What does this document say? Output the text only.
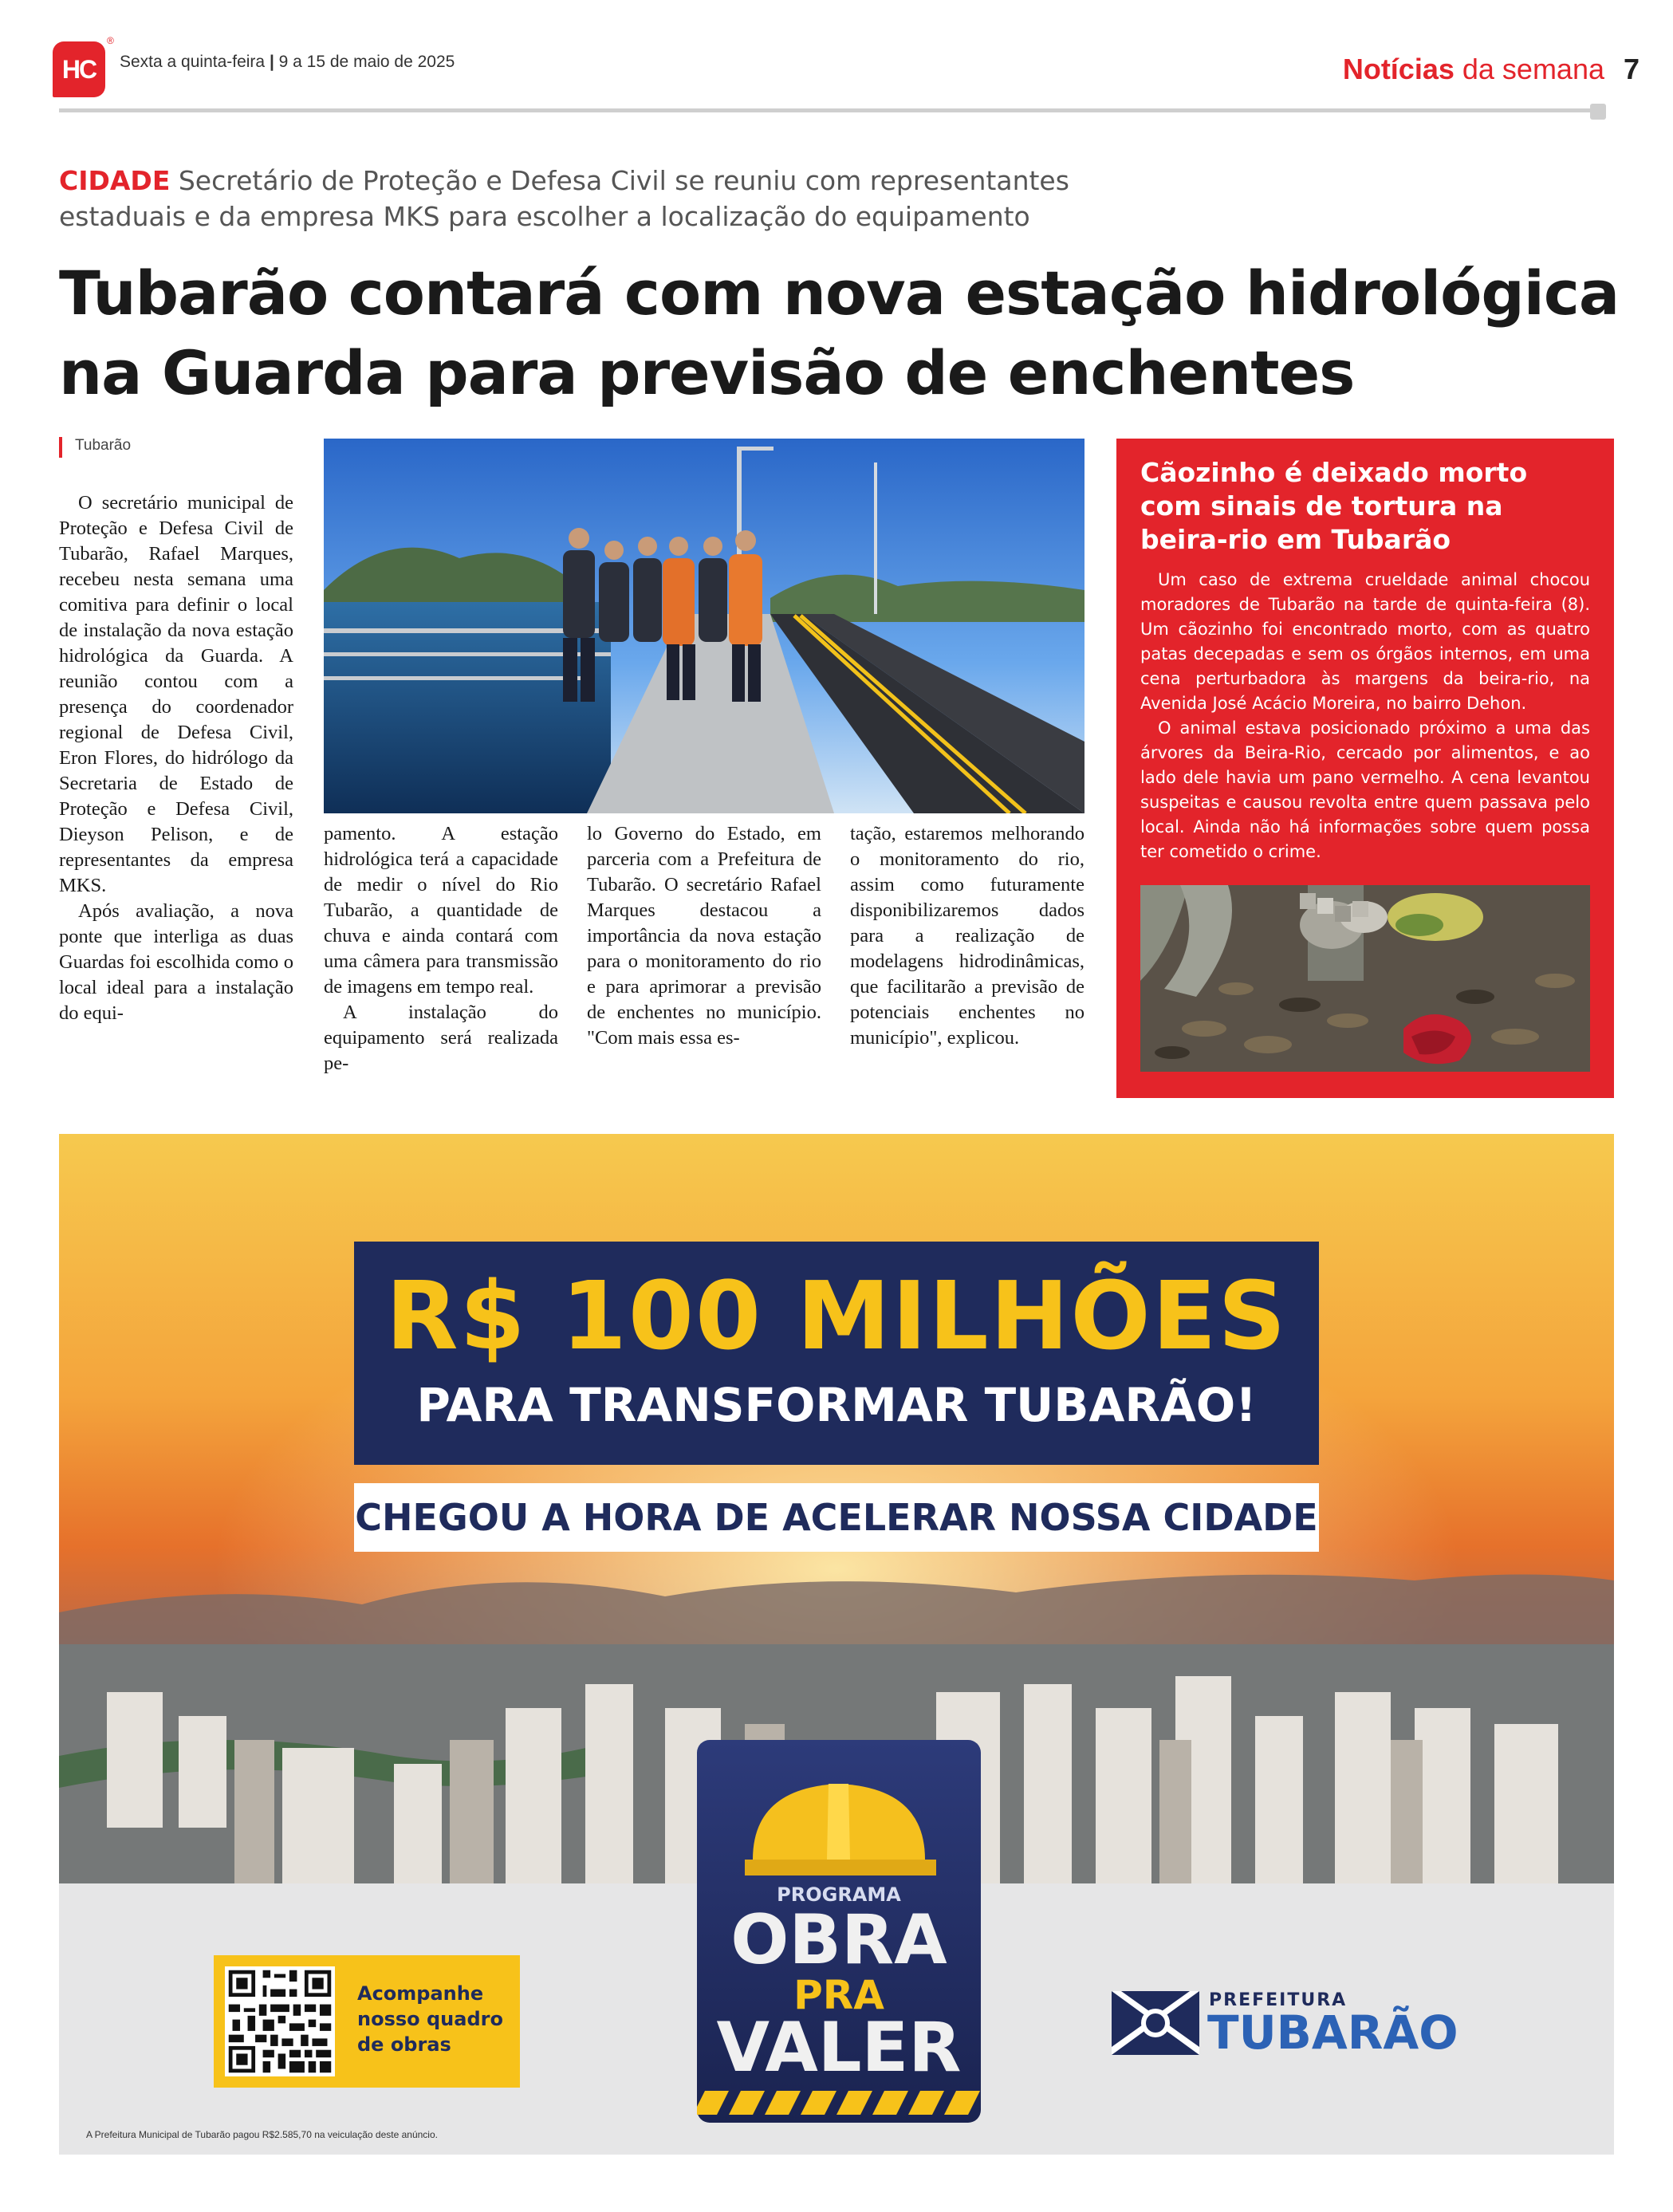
HC
®
Sexta a quinta-feira | 9 a 15 de maio de 2025	Notícias da semana 7
CIDADE Secretário de Proteção e Defesa Civil se reuniu com representantes estaduais e da empresa MKS para escolher a localização do equipamento
Tubarão contará com nova estação hidrológica na Guarda para previsão de enchentes
Tubarão

O secretário municipal de Proteção e Defesa Civil de Tubarão, Rafael Marques, recebeu nesta semana uma comitiva para definir o local de instalação da nova estação hidrológica da Guarda. A reunião contou com a presença do coordenador regional de Defesa Civil, Eron Flores, do hidrólogo da Secretaria de Estado de Proteção e Defesa Civil, Dieyson Pelison, e de representantes da empresa MKS.

Após avaliação, a nova ponte que interliga as duas Guardas foi escolhida como o local ideal para a instalação do equi-

pamento. A estação hidrológica terá a capacidade de medir o nível do Rio Tubarão, a quantidade de chuva e ainda contará com uma câmera para transmissão de imagens em tempo real.

A instalação do equipamento será realizada pe-

lo Governo do Estado, em parceria com a Prefeitura de Tubarão. O secretário Rafael Marques destacou a importância da nova estação para o monitoramento do rio e para aprimorar a previsão de enchentes no município. "Com mais essa es-

tação, estaremos melhorando o monitoramento do rio, assim como futuramente disponibilizaremos dados para a realização de modelagens hidrodinâmicas, que facilitarão a previsão de potenciais enchentes no município", explicou.

Cãozinho é deixado morto com sinais de tortura na beira-rio em Tubarão

Um caso de extrema crueldade animal chocou moradores de Tubarão na tarde de quinta-feira (8). Um cãozinho foi encontrado morto, com as quatro patas decepadas e sem os órgãos internos, em uma cena perturbadora às margens da beira-rio, na Avenida José Acácio Moreira, no bairro Dehon.

O animal estava posicionado próximo a uma das árvores da Beira-Rio, cercado por alimentos, e ao lado dele havia um pano vermelho. A cena levantou suspeitas e causou revolta entre quem passava pelo local. Ainda não há informações sobre quem possa ter cometido o crime.

R$ 100 MILHÕES
PARA TRANSFORMAR TUBARÃO!
CHEGOU A HORA DE ACELERAR NOSSA CIDADE
Acompanhe nosso quadro de obras
PROGRAMA
OBRA
PRA
VALER
PREFEITURA
TUBARÃO
A Prefeitura Municipal de Tubarão pagou R$2.585,70 na veiculação deste anúncio.
